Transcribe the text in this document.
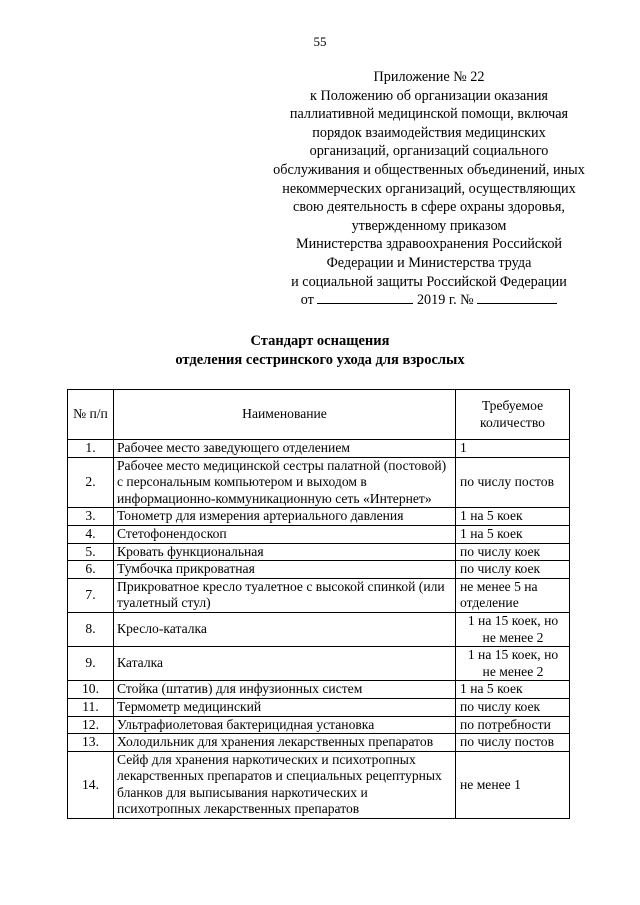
55
Приложение № 22
к Положению об организации оказания
паллиативной медицинской помощи, включая
порядок взаимодействия медицинских
организаций, организаций социального
обслуживания и общественных объединений, иных
некоммерческих организаций, осуществляющих
свою деятельность в сфере охраны здоровья,
утвержденному приказом
Министерства здравоохранения Российской
Федерации и Министерства труда
и социальной защиты Российской Федерации
от	2019 г. №
Стандарт оснащения
отделения сестринского ухода для взрослых
№ п/п	Наименование	Требуемое количество
1.	Рабочее место заведующего отделением	1
2.	Рабочее место медицинской сестры палатной (постовой) с персональным компьютером и выходом в информационно-коммуникационную сеть «Интернет»	по числу постов
3.	Тонометр для измерения артериального давления	1 на 5 коек
4.	Стетофонендоскоп	1 на 5 коек
5.	Кровать функциональная	по числу коек
6.	Тумбочка прикроватная	по числу коек
7.	Прикроватное кресло туалетное с высокой спинкой (или туалетный стул)	не менее 5 на отделение
8.	Кресло-каталка	1 на 15 коек, но не менее 2
9.	Каталка	1 на 15 коек, но не менее 2
10.	Стойка (штатив) для инфузионных систем	1 на 5 коек
11.	Термометр медицинский	по числу коек
12.	Ультрафиолетовая бактерицидная установка	по потребности
13.	Холодильник для хранения лекарственных препаратов	по числу постов
14.	Сейф для хранения наркотических и психотропных лекарственных препаратов и специальных рецептурных бланков для выписывания наркотических и психотропных лекарственных препаратов	не менее 1
